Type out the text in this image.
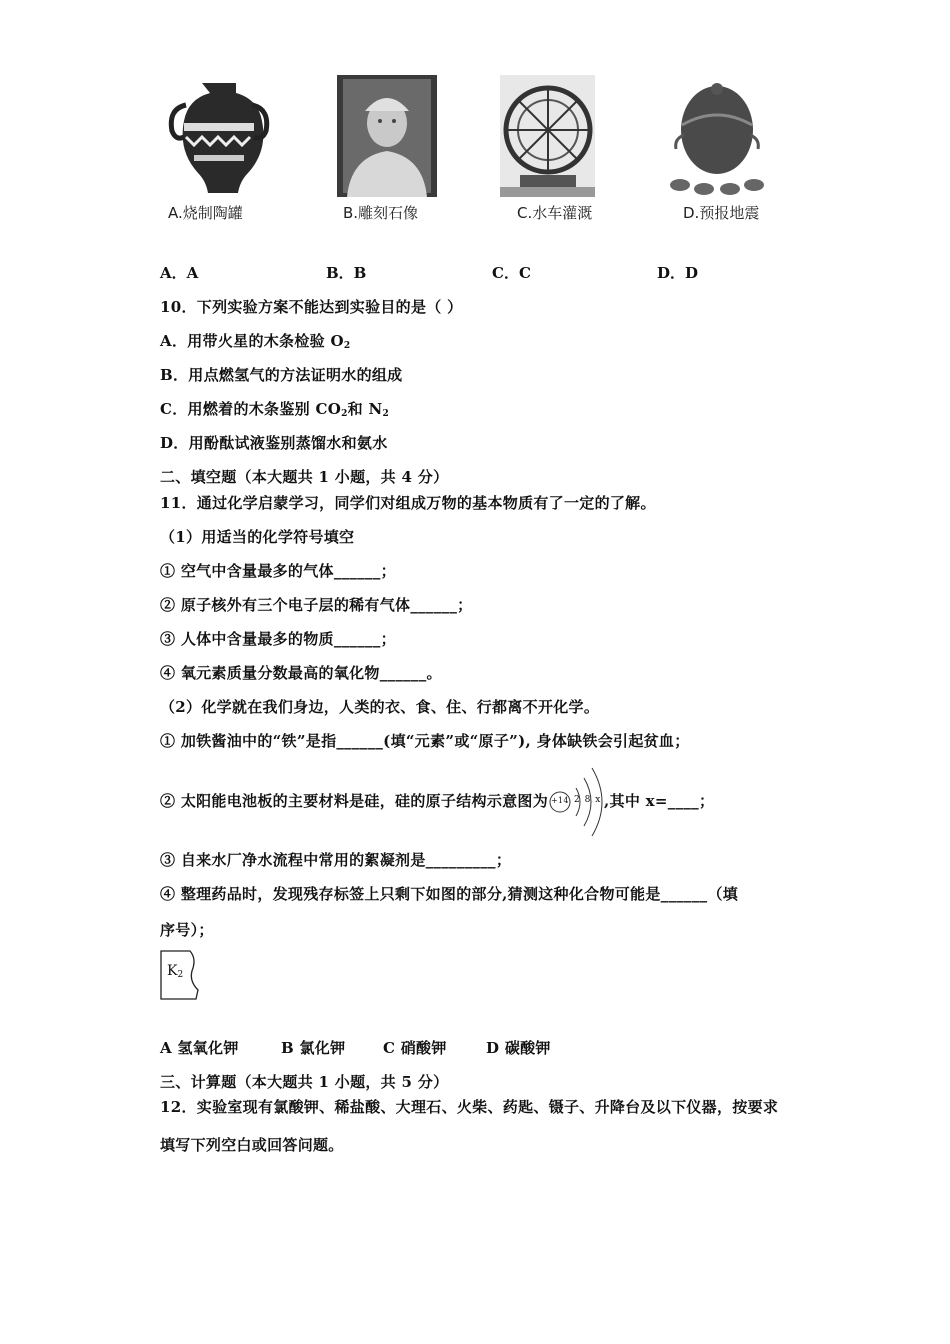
A.烧制陶罐	B.雕刻石像	C.水车灌溉	D.预报地震
A．A	B．B	C．C	D．D
10．下列实验方案不能达到实验目的是（ ）
A．用带火星的木条检验 $O_2$
B．用点燃氢气的方法证明水的组成
C．用燃着的木条鉴别 $CO_2$和 $N_2$
D．用酚酞试液鉴别蒸馏水和氨水
二、填空题（本大题共 1 小题，共 4 分）
11．通过化学启蒙学习，同学们对组成万物的基本物质有了一定的了解。
（1）用适当的化学符号填空
① 空气中含量最多的气体______；
② 原子核外有三个电子层的稀有气体______；
③ 人体中含量最多的物质______；
④ 氧元素质量分数最高的氧化物______。
（2）化学就在我们身边，人类的衣、食、住、行都离不开化学。
① 加铁酱油中的“铁”是指______(填“元素”或“原子”), 身体缺铁会引起贫血；
② 太阳能电池板的主要材料是硅，硅的原子结构示意图为 +14 2 8 x ,其中 x=____；
③ 自来水厂净水流程中常用的絮凝剂是_________；
④ 整理药品时，发现残存标签上只剩下如图的部分,猜测这种化合物可能是______（填
序号）；
$K_2$
A 氢氧化钾	B 氯化钾	C 硝酸钾	D 碳酸钾
三、计算题（本大题共 1 小题，共 5 分）
12．实验室现有氯酸钾、稀盐酸、大理石、火柴、药匙、镊子、升降台及以下仪器，按要求
填写下列空白或回答问题。
